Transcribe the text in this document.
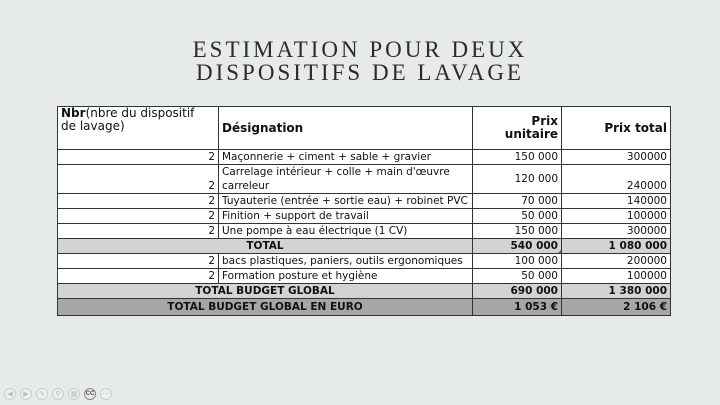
ESTIMATION POUR DEUX
DISPOSITIFS DE LAVAGE
Nbr(nbre du dispositif
de lavage)	Désignation	Prix
unitaire	Prix total
2	Maçonnerie + ciment + sable + gravier	150 000	300000
2	Carrelage intérieur + colle + main d'œuvre carreleur	120 000	240000
2	Tuyauterie (entrée + sortie eau) + robinet PVC	70 000	140000
2	Finition + support de travail	50 000	100000
2	Une pompe à eau électrique (1 CV)	150 000	300000
TOTAL		540 000	1 080 000
2	bacs plastiques, paniers, outils ergonomiques	100 000	200000
2	Formation posture et hygiène	50 000	100000
TOTAL BUDGET GLOBAL		690 000	1 380 000
TOTAL BUDGET GLOBAL EN EURO		1 053 €	2 106 €
◀	▶	✎	⚲	▦	CC	⋯
